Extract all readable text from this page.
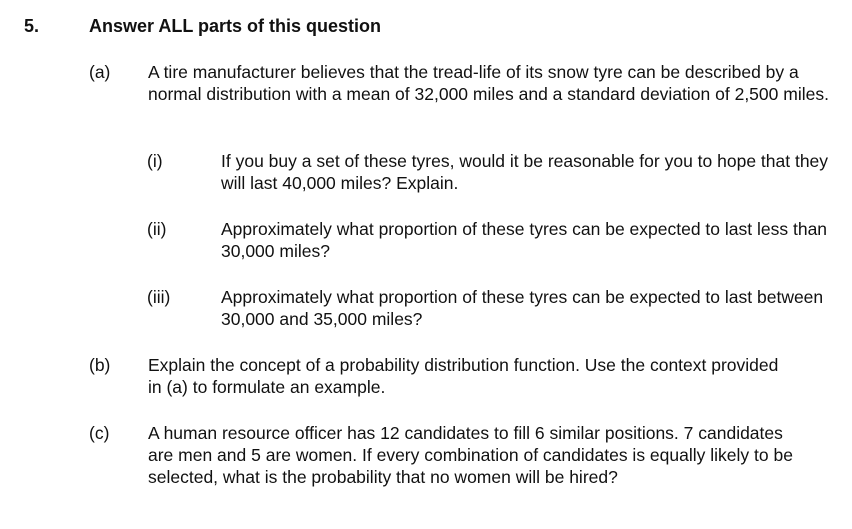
5.	Answer ALL parts of this question
(a) A tire manufacturer believes that the tread-life of its snow tyre can be described by a normal distribution with a mean of 32,000 miles and a standard deviation of 2,500 miles.
(i)	If you buy a set of these tyres, would it be reasonable for you to hope that they will last 40,000 miles? Explain.
(ii)	Approximately what proportion of these tyres can be expected to last less than 30,000 miles?
(iii)	Approximately what proportion of these tyres can be expected to last between 30,000 and 35,000 miles?
(b) Explain the concept of a probability distribution function. Use the context provided in (a) to formulate an example.
(c) A human resource officer has 12 candidates to fill 6 similar positions. 7 candidates are men and 5 are women. If every combination of candidates is equally likely to be selected, what is the probability that no women will be hired?
